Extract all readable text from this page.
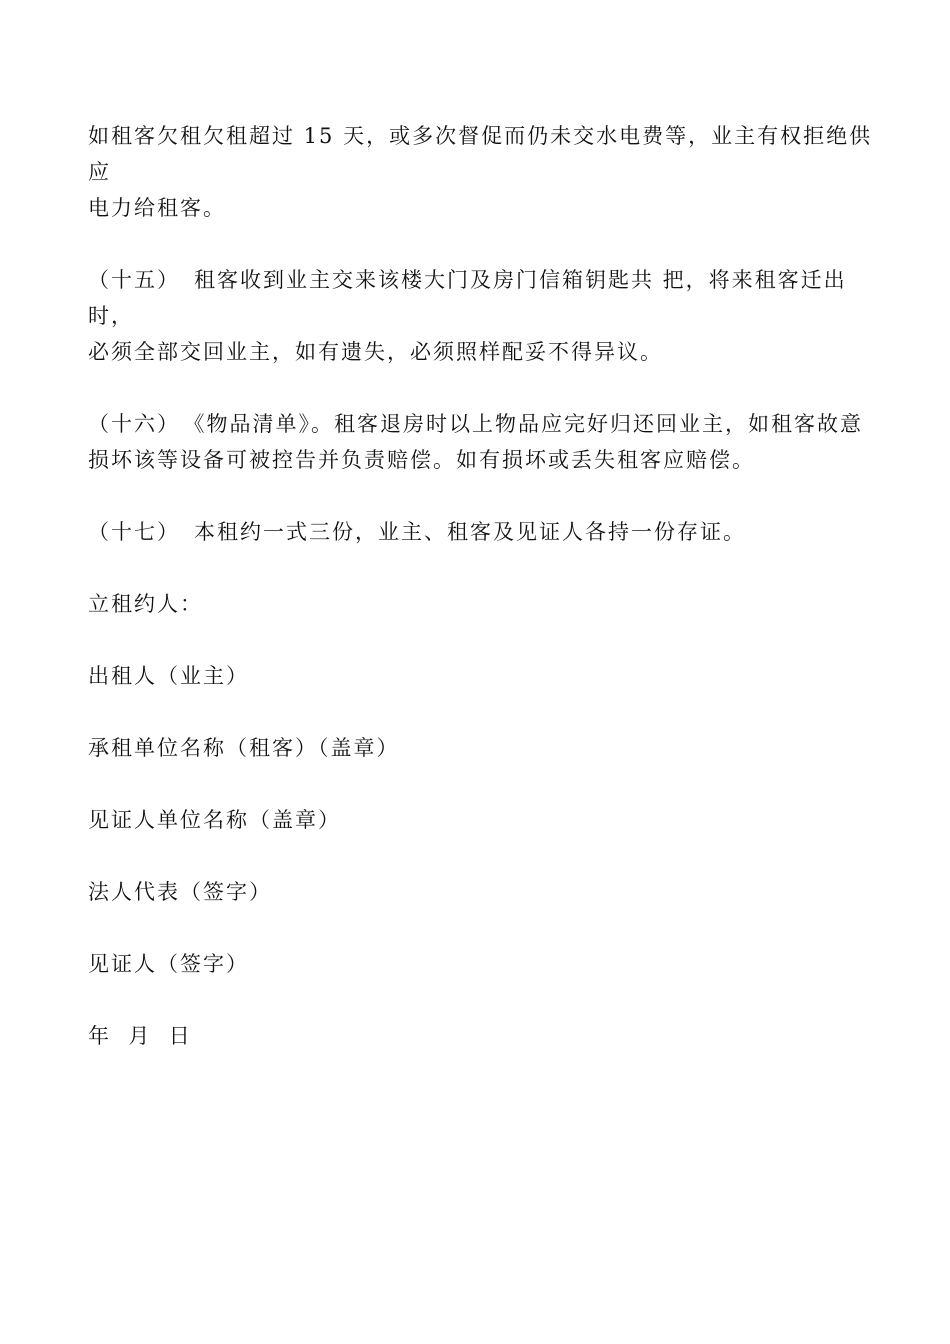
如租客欠租欠租超过 15 天，或多次督促而仍未交水电费等，业主有权拒绝供应
电力给租客。

（十五） 租客收到业主交来该楼大门及房门信箱钥匙共 把，将来租客迁出时，
必须全部交回业主，如有遗失，必须照样配妥不得异议。

（十六） 《物品清单》。租客退房时以上物品应完好归还回业主，如租客故意
损坏该等设备可被控告并负责赔偿。如有损坏或丢失租客应赔偿。

（十七） 本租约一式三份，业主、租客及见证人各持一份存证。

立租约人：

出租人（业主）

承租单位名称（租客）（盖章）

见证人单位名称（盖章）

法人代表（签字）

见证人（签字）

年  月  日
